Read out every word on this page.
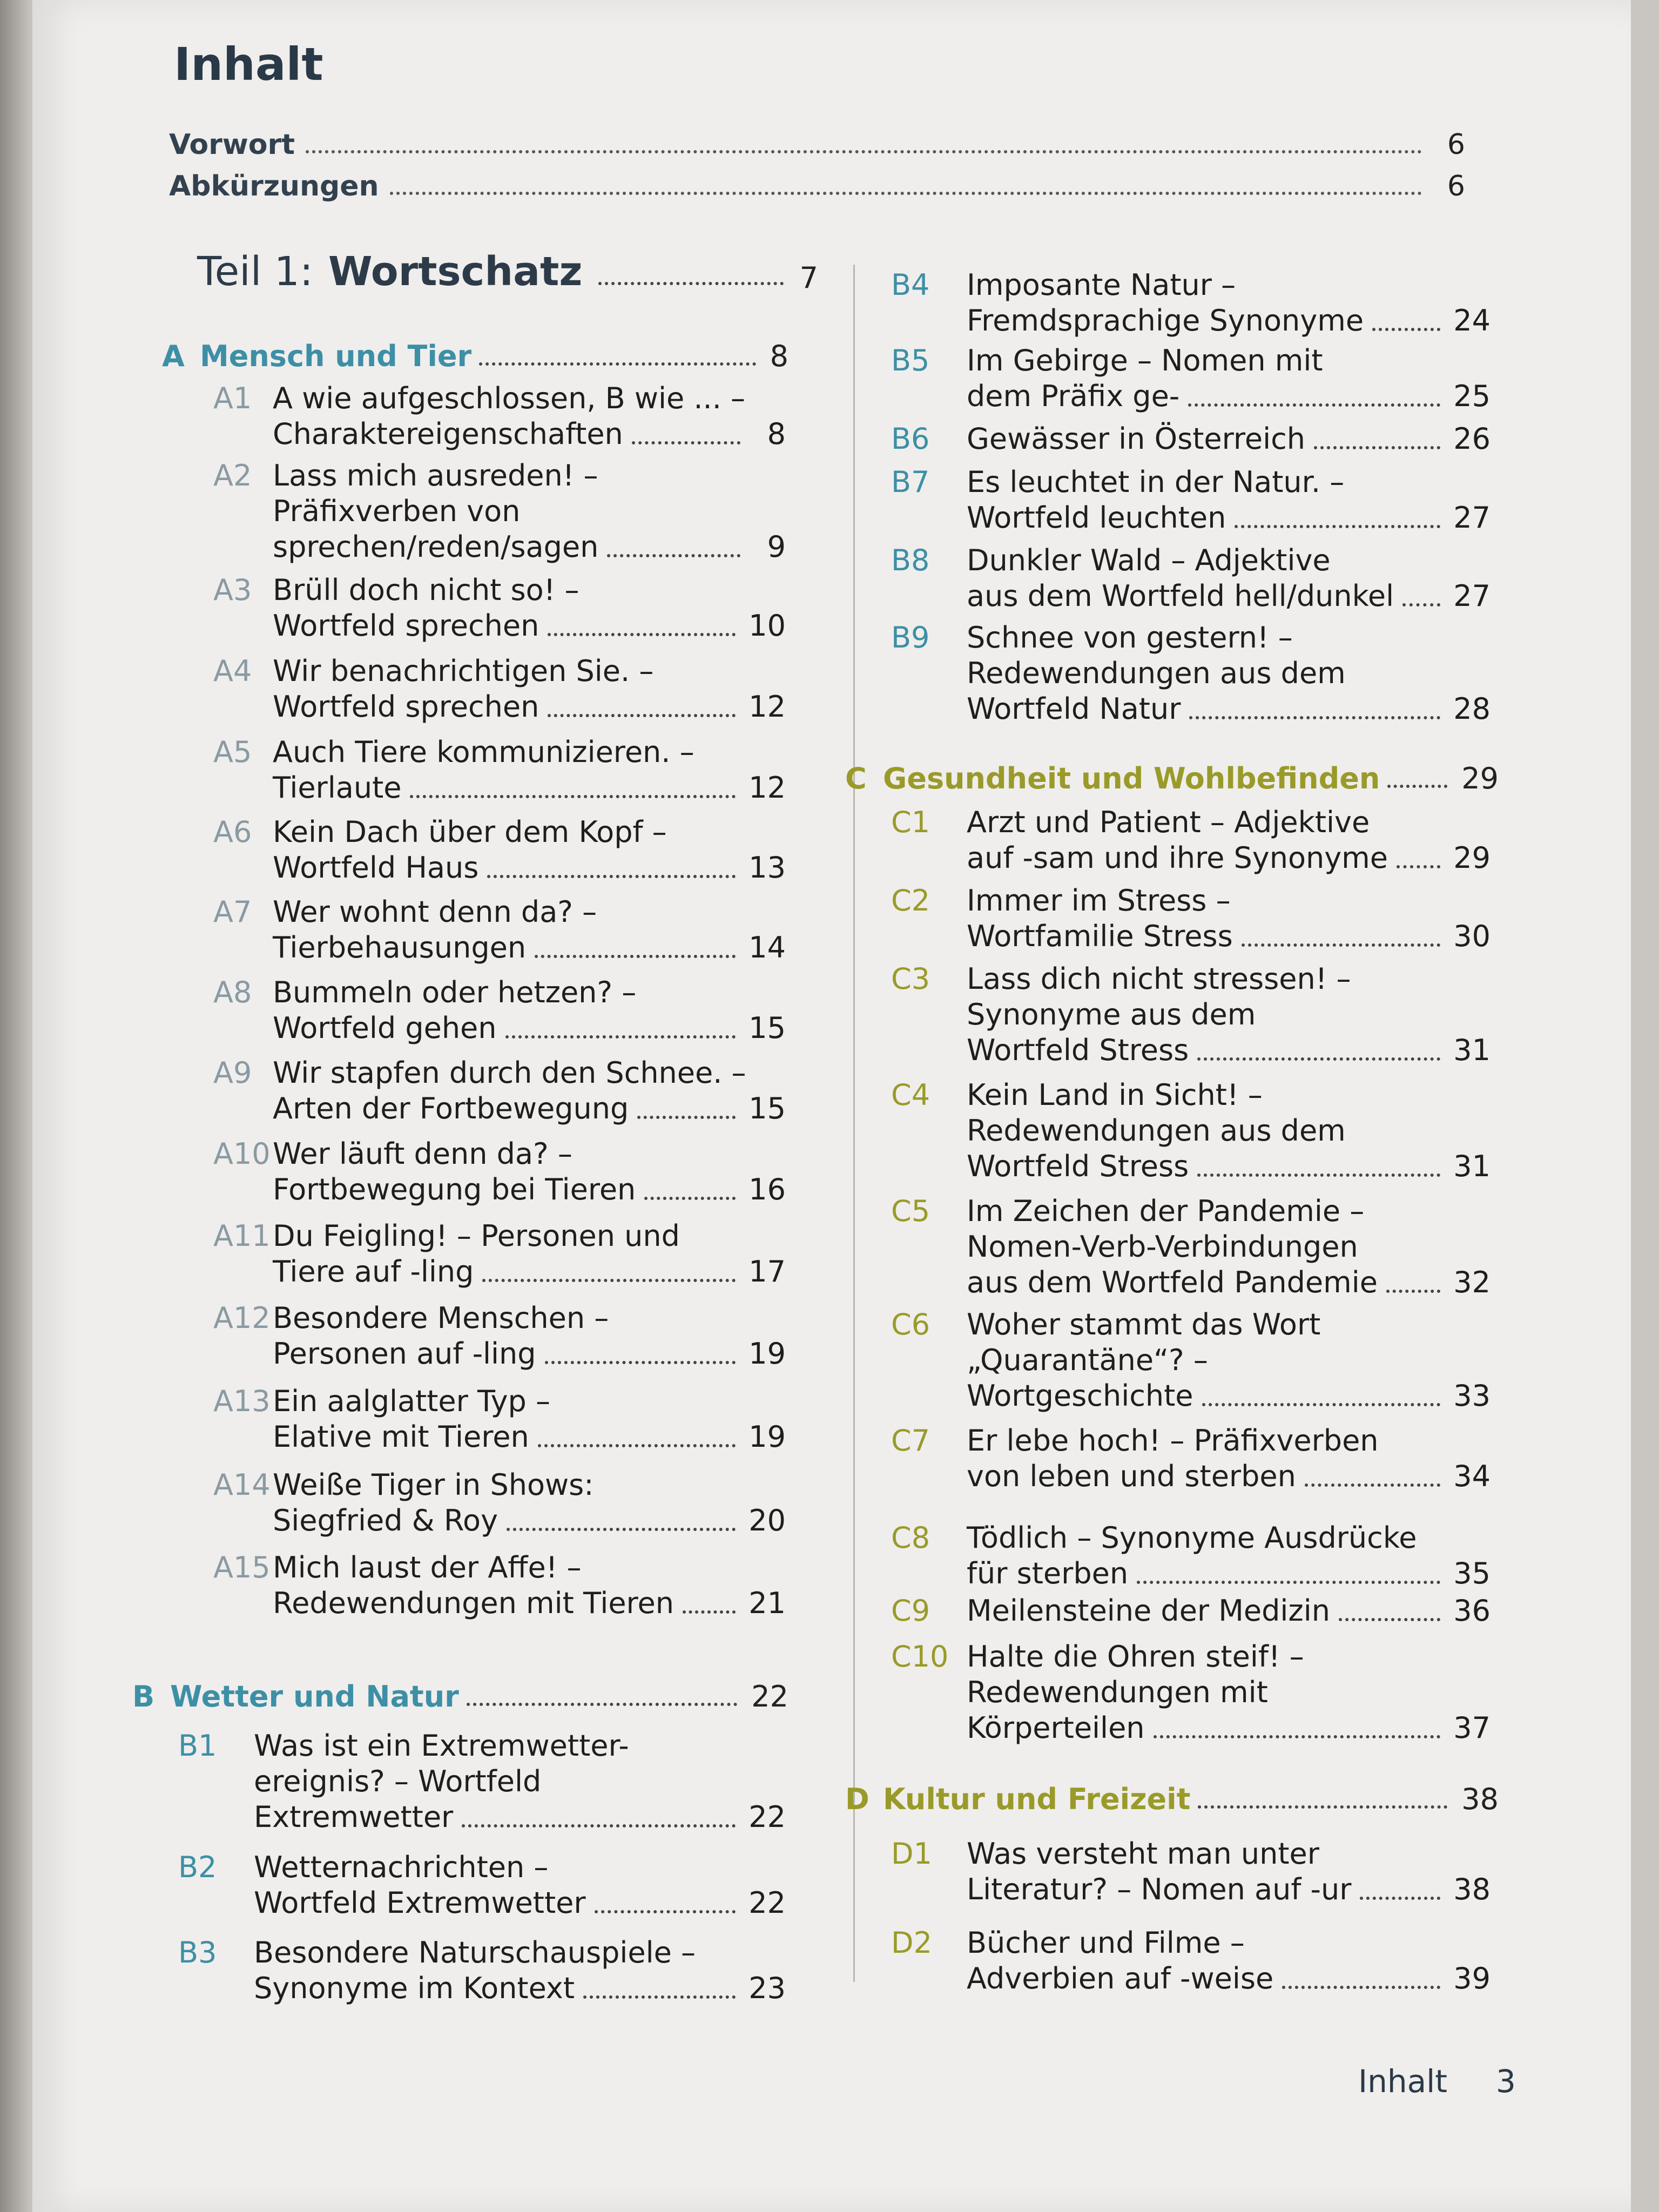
Inhalt
Vorwort	6
Abkürzungen	6
Teil 1: Wortschatz	7
A Mensch und Tier	8
B Wetter und Natur	22
C Gesundheit und Wohlbefinden	29
D Kultur und Freizeit	38
A1 A wie aufgeschlossen, B wie ... –
Charaktereigenschaften	8
A2 Lass mich ausreden! –
Präfixverben von
sprechen/reden/sagen	9
A3 Brüll doch nicht so! –
Wortfeld sprechen	10
A4 Wir benachrichtigen Sie. –
Wortfeld sprechen	12
A5 Auch Tiere kommunizieren. –
Tierlaute	12
A6 Kein Dach über dem Kopf –
Wortfeld Haus	13
A7 Wer wohnt denn da? –
Tierbehausungen	14
A8 Bummeln oder hetzen? –
Wortfeld gehen	15
A9 Wir stapfen durch den Schnee. –
Arten der Fortbewegung	15
A10 Wer läuft denn da? –
Fortbewegung bei Tieren	16
A11 Du Feigling! – Personen und
Tiere auf -ling	17
A12 Besondere Menschen –
Personen auf -ling	19
A13 Ein aalglatter Typ –
Elative mit Tieren	19
A14 Weiße Tiger in Shows:
Siegfried & Roy	20
A15 Mich laust der Affe! –
Redewendungen mit Tieren	21
B1 Was ist ein Extremwetter-
ereignis? – Wortfeld
Extremwetter	22
B2 Wetternachrichten –
Wortfeld Extremwetter	22
B3 Besondere Naturschauspiele –
Synonyme im Kontext	23
B4 Imposante Natur –
Fremdsprachige Synonyme	24
B5 Im Gebirge – Nomen mit
dem Präfix ge-	25
B6 Gewässer in Österreich	26
B7 Es leuchtet in der Natur. –
Wortfeld leuchten	27
B8 Dunkler Wald – Adjektive
aus dem Wortfeld hell/dunkel 27
B9 Schnee von gestern! –
Redewendungen aus dem
Wortfeld Natur	28
C1 Arzt und Patient – Adjektive
auf -sam und ihre Synonyme 29
C2 Immer im Stress –
Wortfamilie Stress	30
C3 Lass dich nicht stressen! –
Synonyme aus dem
Wortfeld Stress	31
C4 Kein Land in Sicht! –
Redewendungen aus dem
Wortfeld Stress	31
C5 Im Zeichen der Pandemie –
Nomen-Verb-Verbindungen
aus dem Wortfeld Pandemie	32
C6 Woher stammt das Wort
„Quarantäne“? –
Wortgeschichte	33
C7 Er lebe hoch! – Präfixverben
von leben und sterben	34
C8 Tödlich – Synonyme Ausdrücke
für sterben	35
C9 Meilensteine der Medizin	36
C10 Halte die Ohren steif! –
Redewendungen mit
Körperteilen	37
D1 Was versteht man unter
Literatur? – Nomen auf -ur	38
D2 Bücher und Filme –
Adverbien auf -weise	39
Inhalt 3
